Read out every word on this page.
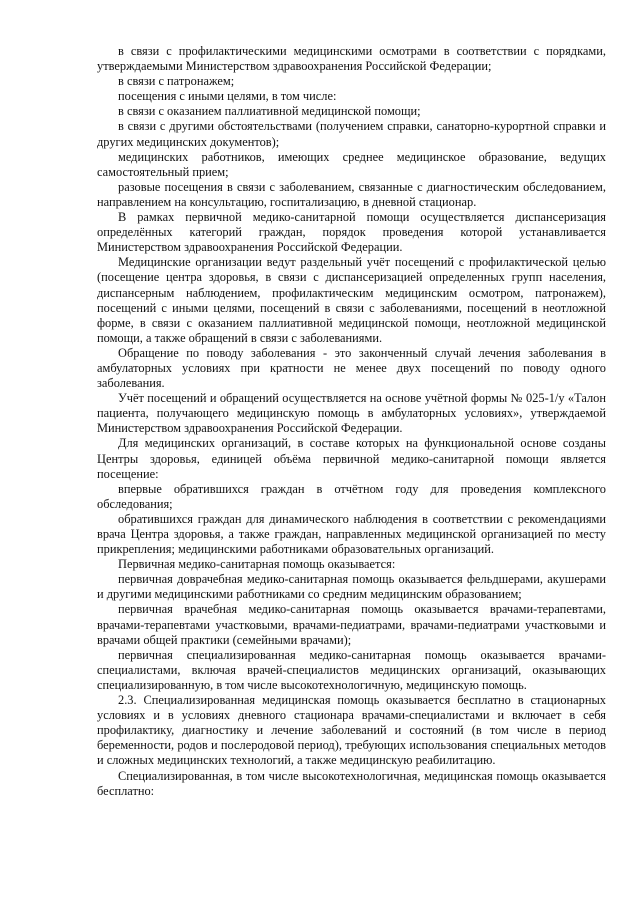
в связи с профилактическими медицинскими осмотрами в соответствии с порядками, утверждаемыми Министерством здравоохранения Российской Федерации;

в связи с патронажем;

посещения с иными целями, в том числе:

в связи с оказанием паллиативной медицинской помощи;

в связи с другими обстоятельствами (получением справки, санаторно-курортной справки и других медицинских документов);

медицинских работников, имеющих среднее медицинское образование, ведущих самостоятельный прием;

разовые посещения в связи с заболеванием, связанные с диагностическим обследованием, направлением на консультацию, госпитализацию, в дневной стационар.

В рамках первичной медико-санитарной помощи осуществляется диспансеризация определённых категорий граждан, порядок проведения которой устанавливается Министерством здравоохранения Российской Федерации.

Медицинские организации ведут раздельный учёт посещений с профилактической целью (посещение центра здоровья, в связи с диспансеризацией определенных групп населения, диспансерным наблюдением, профилактическим медицинским осмотром, патронажем), посещений с иными целями, посещений в связи с заболеваниями, посещений в неотложной форме, в связи с оказанием паллиативной медицинской помощи, неотложной медицинской помощи, а также обращений в связи с заболеваниями.

Обращение по поводу заболевания - это законченный случай лечения заболевания в амбулаторных условиях при кратности не менее двух посещений по поводу одного заболевания.

Учёт посещений и обращений осуществляется на основе учётной формы № 025-1/у «Талон пациента, получающего медицинскую помощь в амбулаторных условиях», утверждаемой Министерством здравоохранения Российской Федерации.

Для медицинских организаций, в составе которых на функциональной основе созданы Центры здоровья, единицей объёма первичной медико-санитарной помощи является посещение:

впервые обратившихся граждан в отчётном году для проведения комплексного обследования;

обратившихся граждан для динамического наблюдения в соответствии с рекомендациями врача Центра здоровья, а также граждан, направленных медицинской организацией по месту прикрепления; медицинскими работниками образовательных организаций.

Первичная медико-санитарная помощь оказывается:

первичная доврачебная медико-санитарная помощь оказывается фельдшерами, акушерами и другими медицинскими работниками со средним медицинским образованием;

первичная врачебная медико-санитарная помощь оказывается врачами-терапевтами, врачами-терапевтами участковыми, врачами-педиатрами, врачами-педиатрами участковыми и врачами общей практики (семейными врачами);

первичная специализированная медико-санитарная помощь оказывается врачами-специалистами, включая врачей-специалистов медицинских организаций, оказывающих специализированную, в том числе высокотехнологичную, медицинскую помощь.

2.3. Специализированная медицинская помощь оказывается бесплатно в стационарных условиях и в условиях дневного стационара врачами-специалистами и включает в себя профилактику, диагностику и лечение заболеваний и состояний (в том числе в период беременности, родов и послеродовой период), требующих использования специальных методов и сложных медицинских технологий, а также медицинскую реабилитацию.

Специализированная, в том числе высокотехнологичная, медицинская помощь оказывается бесплатно:
